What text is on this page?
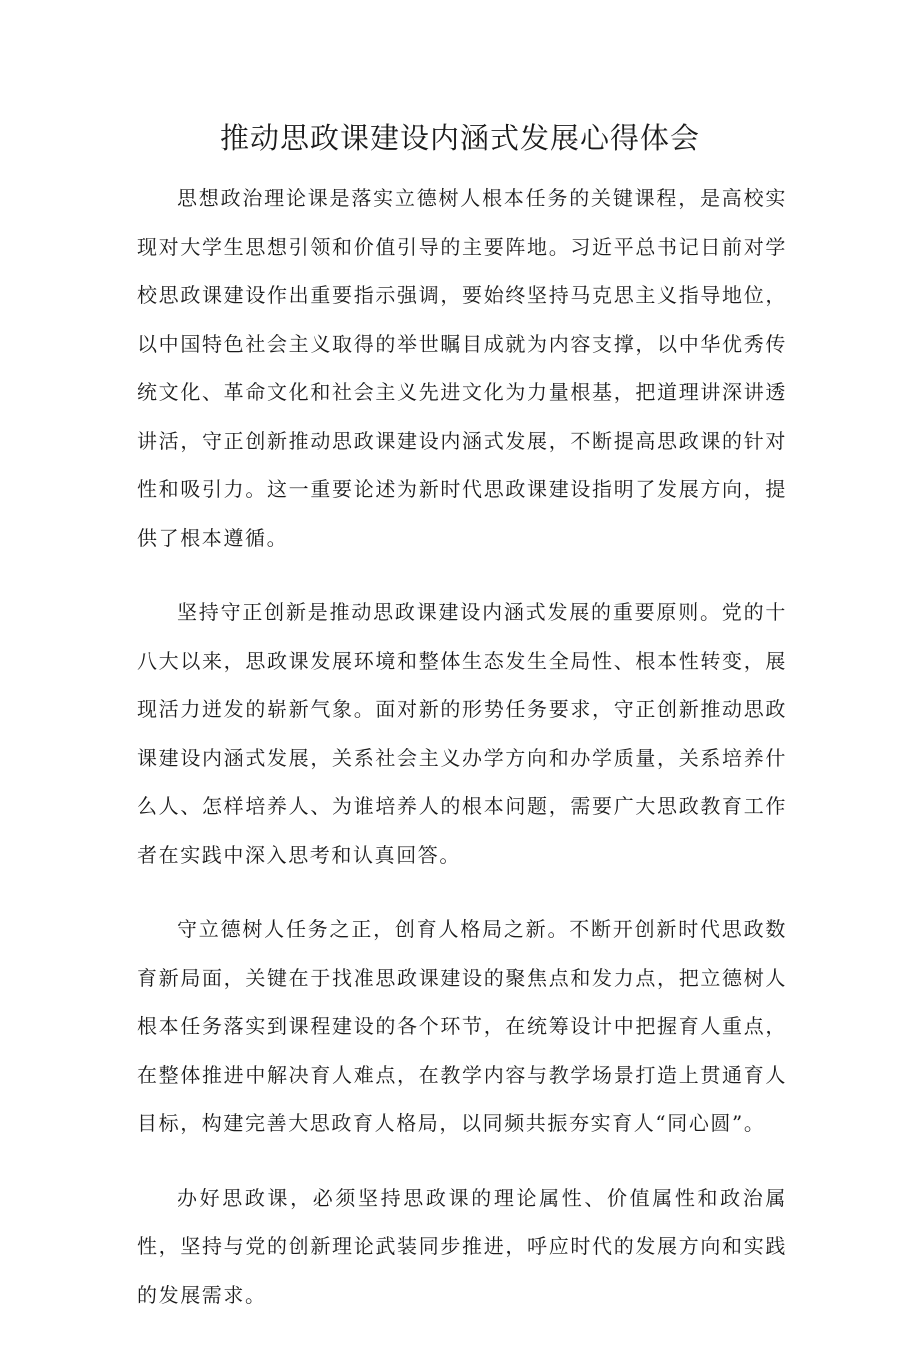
推动思政课建设内涵式发展心得体会

思想政治理论课是落实立德树人根本任务的关键课程，是高校实现对大学生思想引领和价值引导的主要阵地。习近平总书记日前对学校思政课建设作出重要指示强调，要始终坚持马克思主义指导地位，以中国特色社会主义取得的举世瞩目成就为内容支撑，以中华优秀传统文化、革命文化和社会主义先进文化为力量根基，把道理讲深讲透讲活，守正创新推动思政课建设内涵式发展，不断提高思政课的针对性和吸引力。这一重要论述为新时代思政课建设指明了发展方向，提供了根本遵循。

坚持守正创新是推动思政课建设内涵式发展的重要原则。党的十八大以来，思政课发展环境和整体生态发生全局性、根本性转变，展现活力迸发的崭新气象。面对新的形势任务要求，守正创新推动思政课建设内涵式发展，关系社会主义办学方向和办学质量，关系培养什么人、怎样培养人、为谁培养人的根本问题，需要广大思政教育工作者在实践中深入思考和认真回答。

守立德树人任务之正，创育人格局之新。不断开创新时代思政数育新局面，关键在于找准思政课建设的聚焦点和发力点，把立德树人根本任务落实到课程建设的各个环节，在统筹设计中把握育人重点，在整体推进中解决育人难点，在教学内容与教学场景打造上贯通育人目标，构建完善大思政育人格局，以同频共振夯实育人“同心圆”。

办好思政课，必须坚持思政课的理论属性、价值属性和政治属性，坚持与党的创新理论武装同步推进，呼应时代的发展方向和实践的发展需求。
